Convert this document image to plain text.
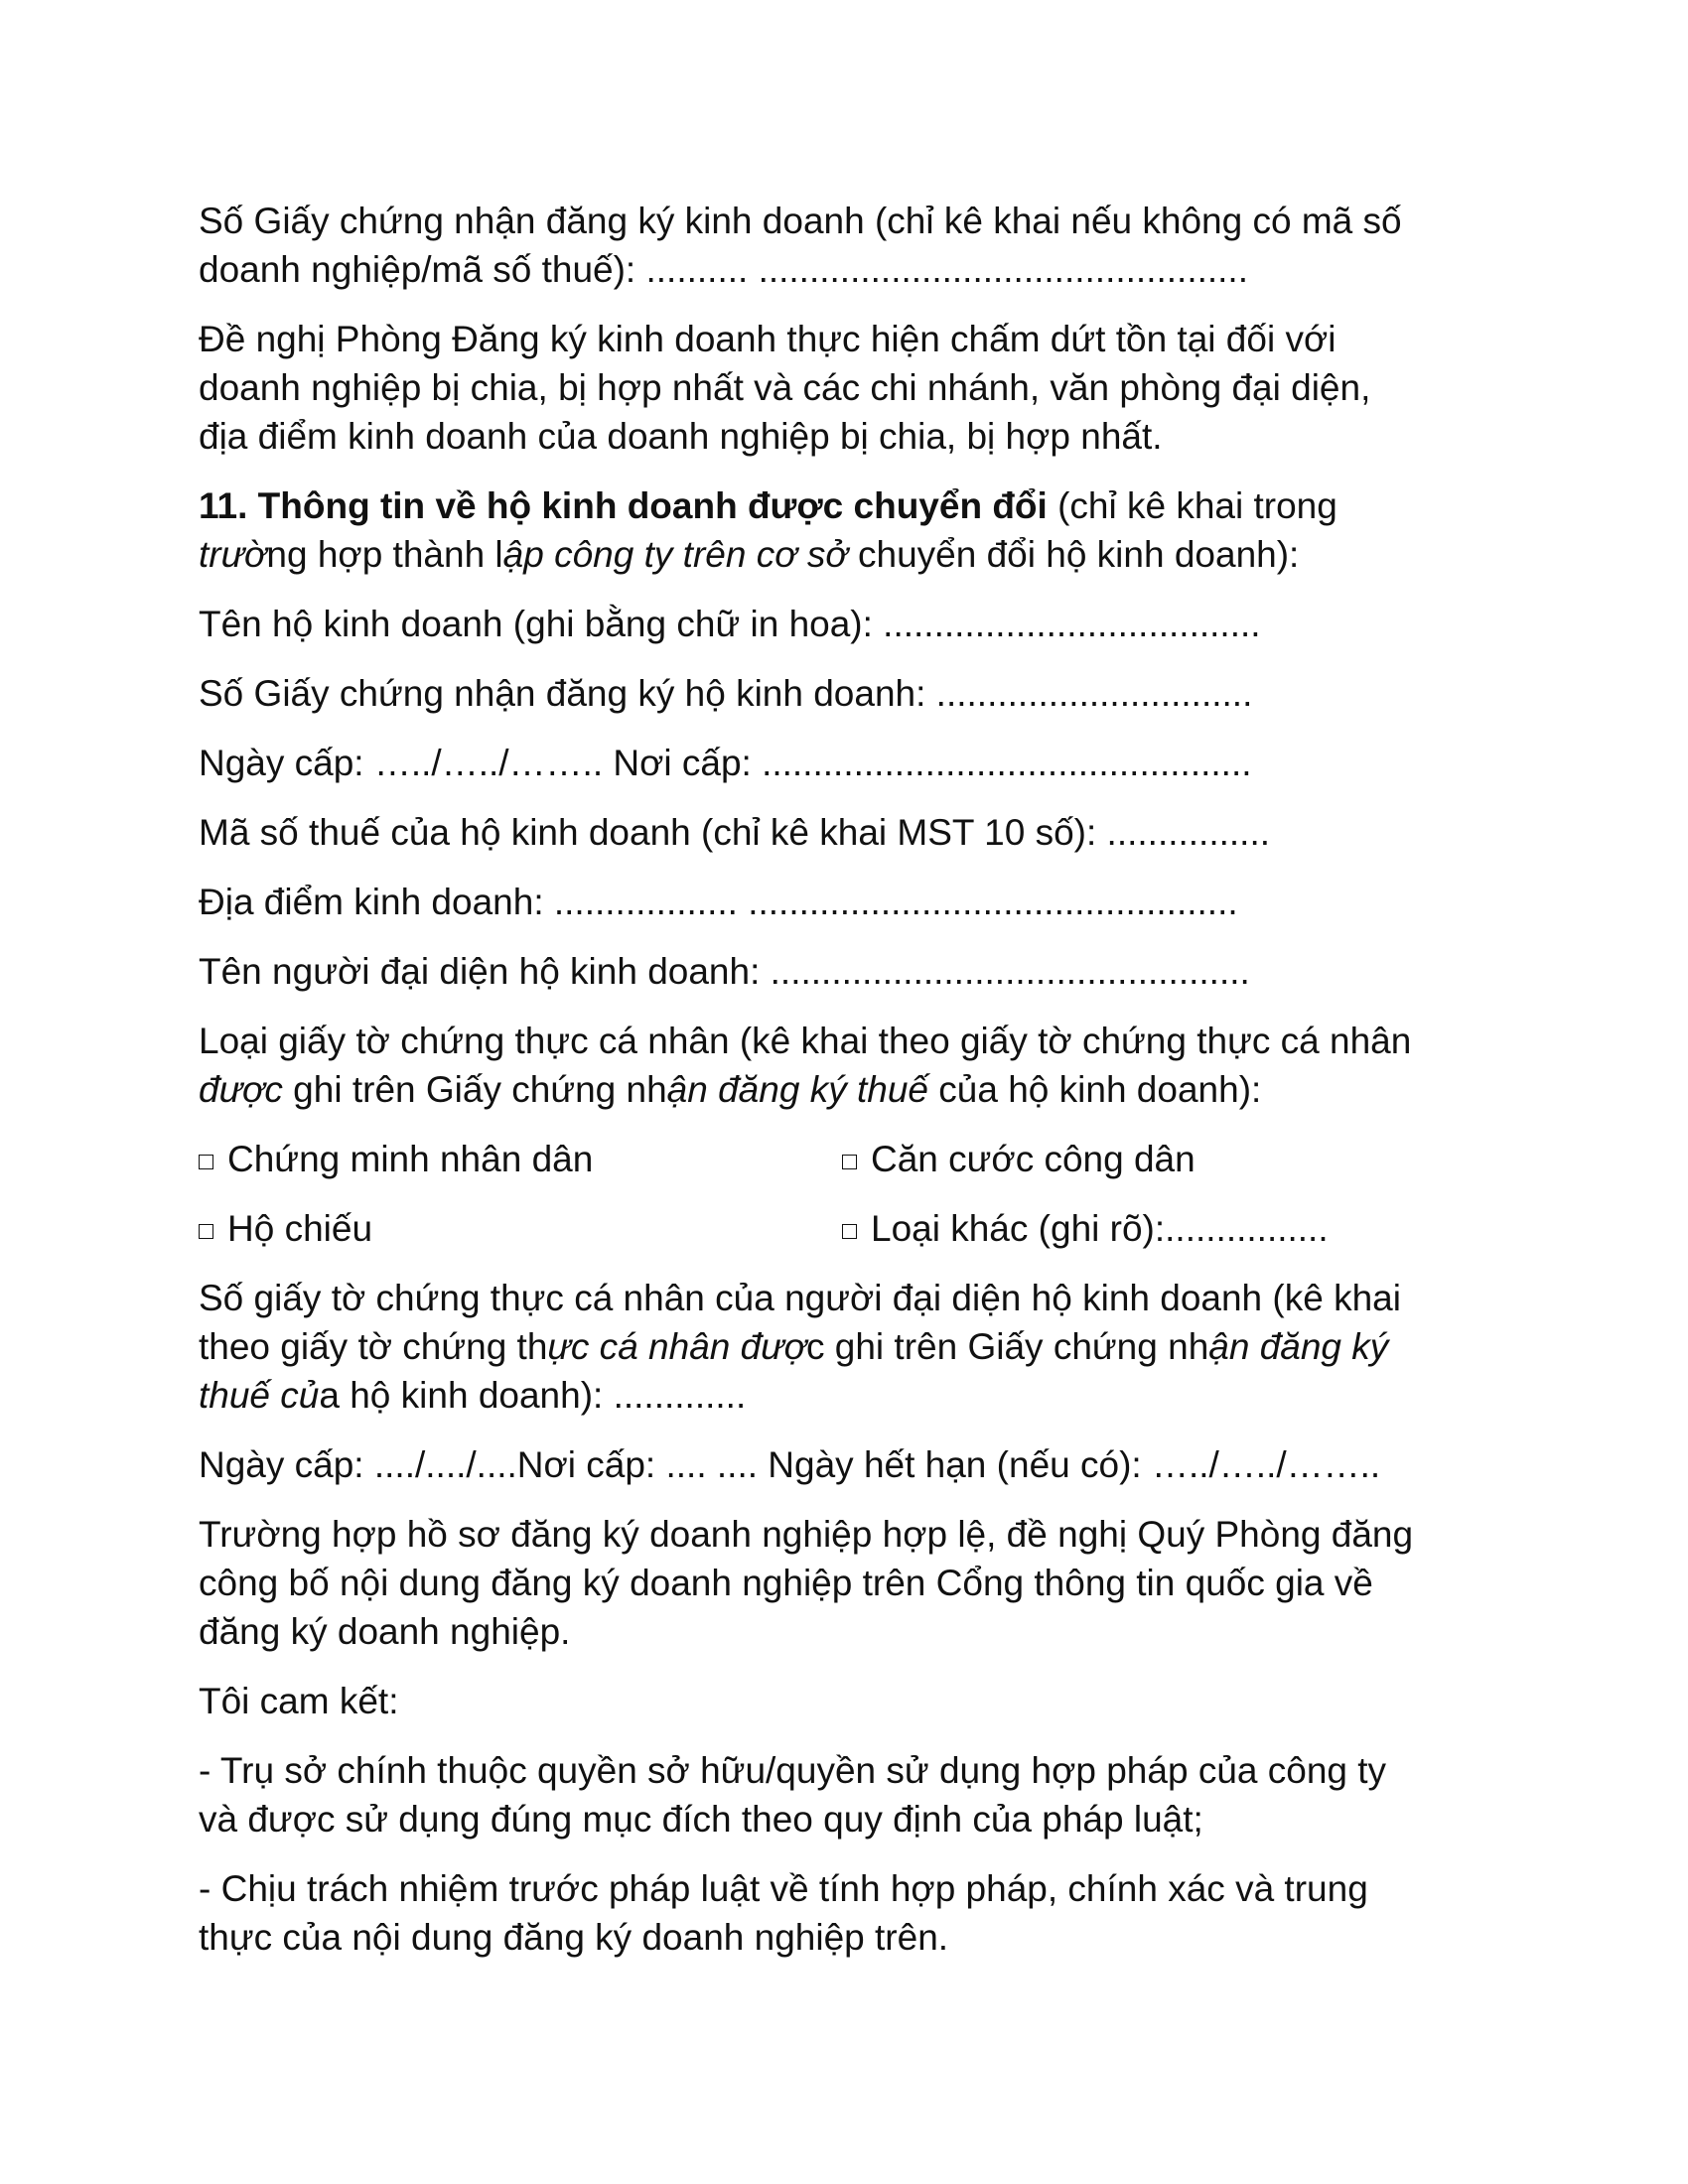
Số Giấy chứng nhận đăng ký kinh doanh (chỉ kê khai nếu không có mã số
doanh nghiệp/mã số thuế): .......... ................................................
Đề nghị Phòng Đăng ký kinh doanh thực hiện chấm dứt tồn tại đối với
doanh nghiệp bị chia, bị hợp nhất và các chi nhánh, văn phòng đại diện,
địa điểm kinh doanh của doanh nghiệp bị chia, bị hợp nhất.
11. Thông tin về hộ kinh doanh được chuyển đổi (chỉ kê khai trong
trường hợp thành lập công ty trên cơ sở chuyển đổi hộ kinh doanh):
Tên hộ kinh doanh (ghi bằng chữ in hoa): .....................................
Số Giấy chứng nhận đăng ký hộ kinh doanh: ...............................
Ngày cấp: …../…../…….. Nơi cấp: ................................................
Mã số thuế của hộ kinh doanh (chỉ kê khai MST 10 số): ................
Địa điểm kinh doanh: .................. ................................................
Tên người đại diện hộ kinh doanh: ...............................................
Loại giấy tờ chứng thực cá nhân (kê khai theo giấy tờ chứng thực cá nhân
được ghi trên Giấy chứng nhận đăng ký thuế của hộ kinh doanh):
Chứng minh nhân dân	Căn cước công dân
Hộ chiếu	Loại khác (ghi rõ):................
Số giấy tờ chứng thực cá nhân của người đại diện hộ kinh doanh (kê khai
theo giấy tờ chứng thực cá nhân được ghi trên Giấy chứng nhận đăng ký
thuế của hộ kinh doanh): .............
Ngày cấp: ..../..../....Nơi cấp: .... .... Ngày hết hạn (nếu có): …../…../……..
Trường hợp hồ sơ đăng ký doanh nghiệp hợp lệ, đề nghị Quý Phòng đăng
công bố nội dung đăng ký doanh nghiệp trên Cổng thông tin quốc gia về
đăng ký doanh nghiệp.
Tôi cam kết:
- Trụ sở chính thuộc quyền sở hữu/quyền sử dụng hợp pháp của công ty
và được sử dụng đúng mục đích theo quy định của pháp luật;
- Chịu trách nhiệm trước pháp luật về tính hợp pháp, chính xác và trung
thực của nội dung đăng ký doanh nghiệp trên.
